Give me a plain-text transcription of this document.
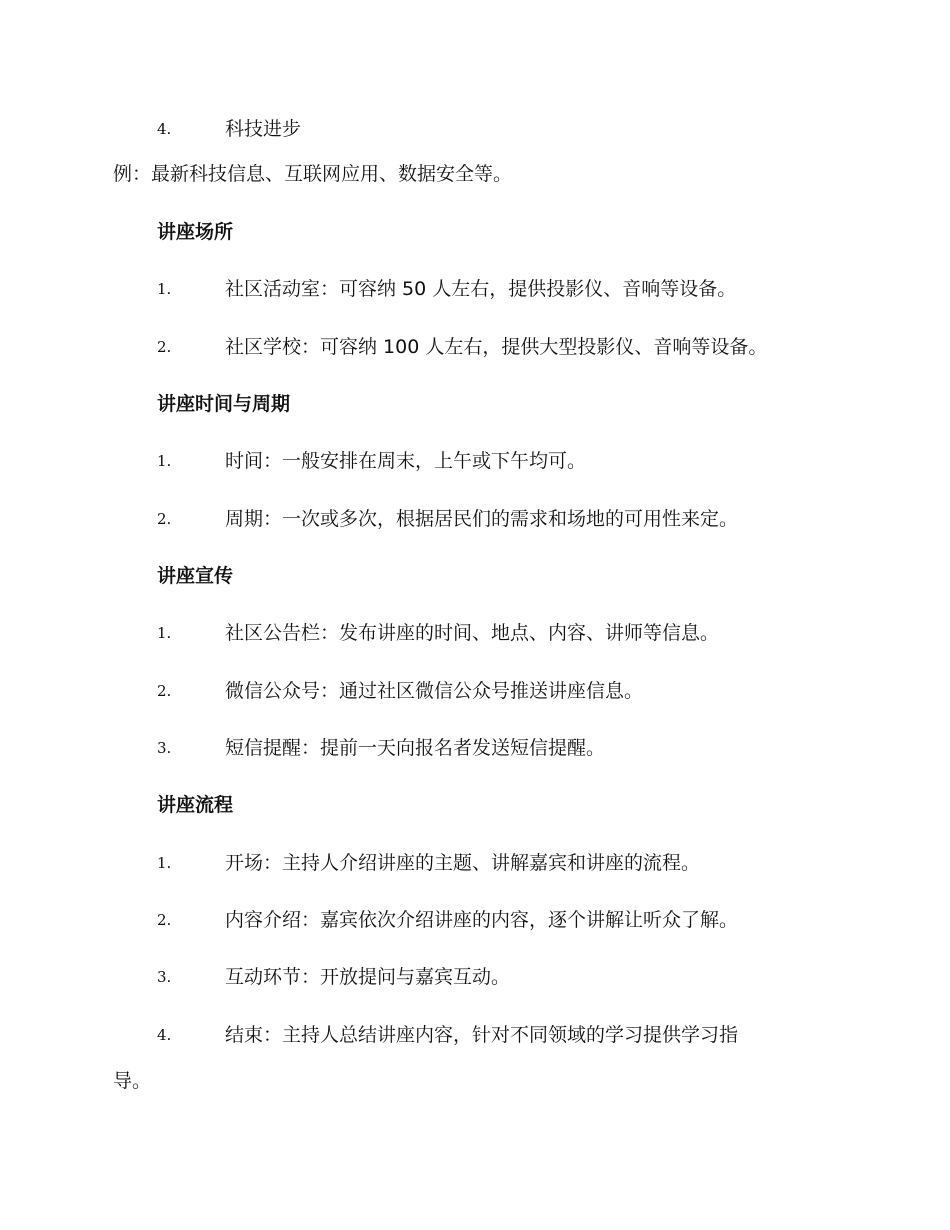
4.	科技进步
例：最新科技信息、互联网应用、数据安全等。
讲座场所
1.	社区活动室：可容纳 50 人左右，提供投影仪、音响等设备。
2.	社区学校：可容纳 100 人左右，提供大型投影仪、音响等设备。
讲座时间与周期
1.	时间：一般安排在周末，上午或下午均可。
2.	周期：一次或多次，根据居民们的需求和场地的可用性来定。
讲座宣传
1.	社区公告栏：发布讲座的时间、地点、内容、讲师等信息。
2.	微信公众号：通过社区微信公众号推送讲座信息。
3.	短信提醒：提前一天向报名者发送短信提醒。
讲座流程
1.	开场：主持人介绍讲座的主题、讲解嘉宾和讲座的流程。
2.	内容介绍：嘉宾依次介绍讲座的内容，逐个讲解让听众了解。
3.	互动环节：开放提问与嘉宾互动。
4.	结束：主持人总结讲座内容，针对不同领域的学习提供学习指
导。
